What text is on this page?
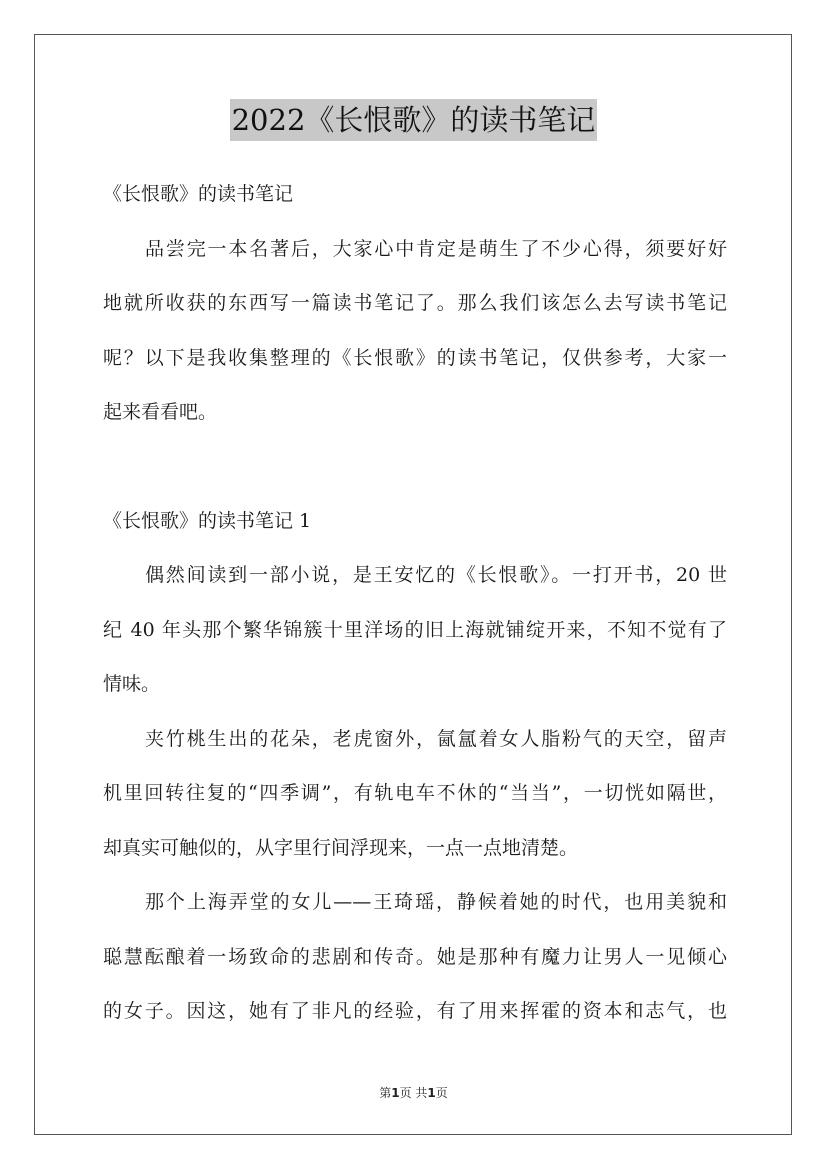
2022《长恨歌》的读书笔记
《长恨歌》的读书笔记
品尝完一本名著后，大家心中肯定是萌生了不少心得，须要好好
地就所收获的东西写一篇读书笔记了。那么我们该怎么去写读书笔记
呢？以下是我收集整理的《长恨歌》的读书笔记，仅供参考，大家一
起来看看吧。
《长恨歌》的读书笔记 1
偶然间读到一部小说，是王安忆的《长恨歌》。一打开书，20 世
纪 40 年头那个繁华锦簇十里洋场的旧上海就铺绽开来，不知不觉有了
情味。
夹竹桃生出的花朵，老虎窗外，氤氲着女人脂粉气的天空，留声
机里回转往复的“四季调”，有轨电车不休的“当当”，一切恍如隔世，
却真实可触似的，从字里行间浮现来，一点一点地清楚。
那个上海弄堂的女儿——王琦瑶，静候着她的时代，也用美貌和
聪慧酝酿着一场致命的悲剧和传奇。她是那种有魔力让男人一见倾心
的女子。因这，她有了非凡的经验，有了用来挥霍的资本和志气，也
第1页 共1页
